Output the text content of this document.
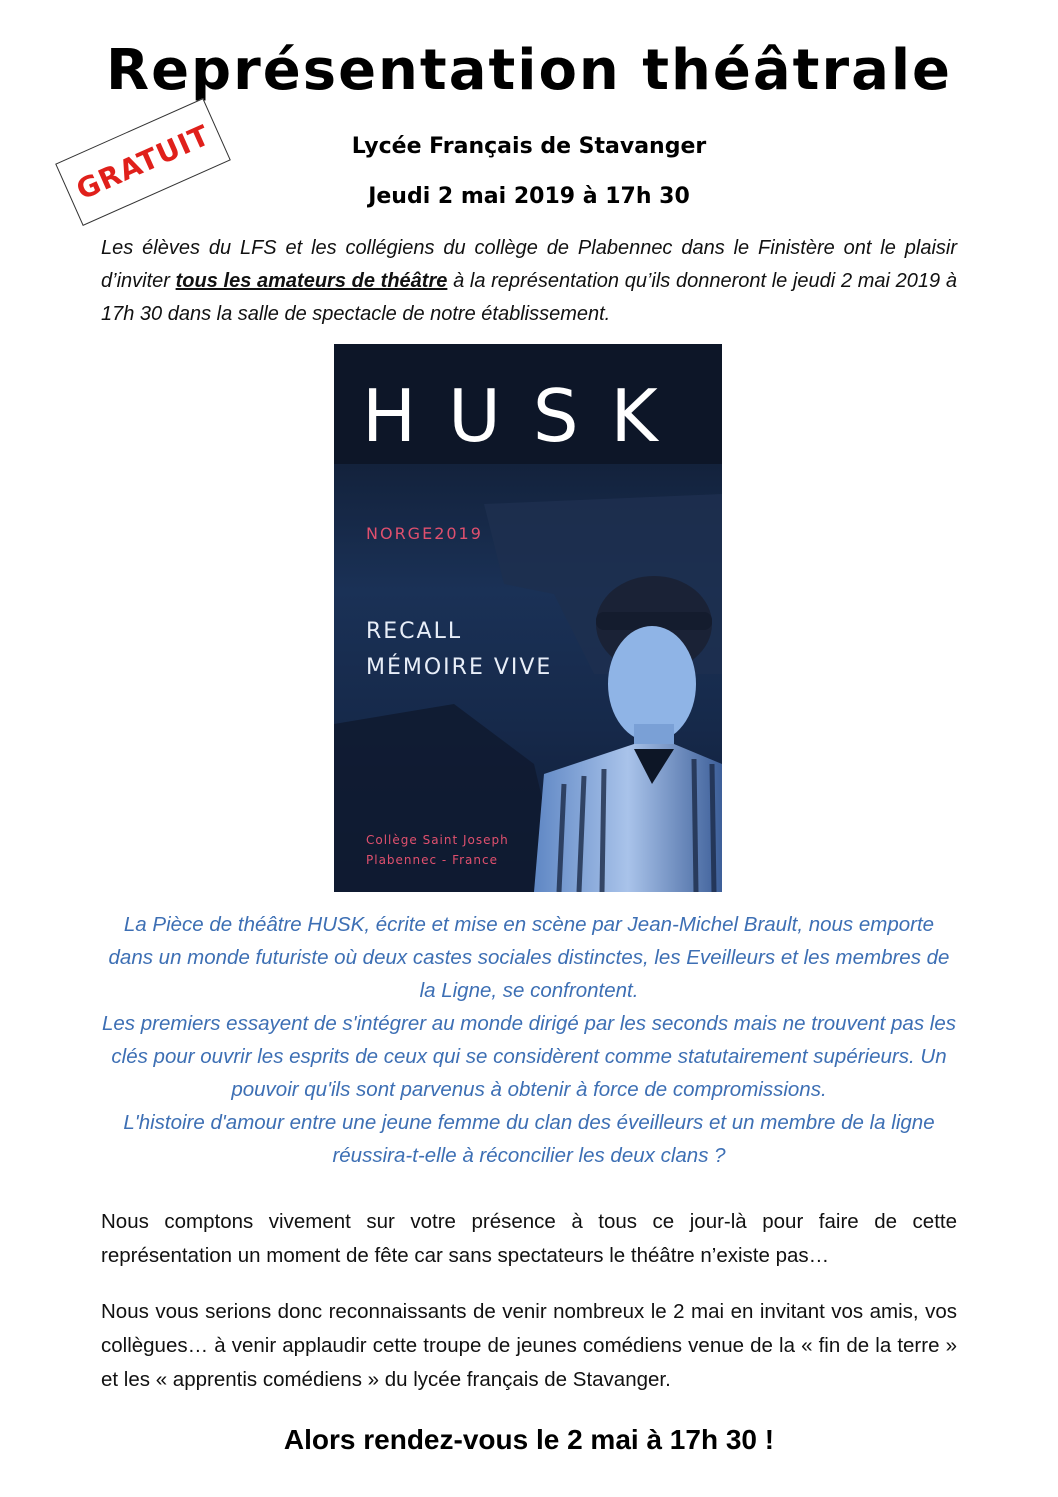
Représentation théâtrale
GRATUIT	Lycée Français de Stavanger
Jeudi 2 mai 2019 à 17h 30
Les élèves du LFS et les collégiens du collège de Plabennec dans le Finistère ont le plaisir d’inviter tous les amateurs de théâtre à la représentation qu’ils donneront le jeudi 2 mai 2019 à 17h 30 dans la salle de spectacle de notre établissement.
HUSK
NORGE2019
RECALL
MÉMOIRE VIVE
Collège Saint Joseph
Plabennec - France
La Pièce de théâtre HUSK, écrite et mise en scène par Jean-Michel Brault, nous emporte dans un monde futuriste où deux castes sociales distinctes, les Eveilleurs et les membres de la Ligne, se confrontent.
Les premiers essayent de s'intégrer au monde dirigé par les seconds mais ne trouvent pas les clés pour ouvrir les esprits de ceux qui se considèrent comme statutairement supérieurs. Un pouvoir qu'ils sont parvenus à obtenir à force de compromissions.
L'histoire d'amour entre une jeune femme du clan des éveilleurs et un membre de la ligne réussira-t-elle à réconcilier les deux clans ?
Nous comptons vivement sur votre présence à tous ce jour-là pour faire de cette représentation un moment de fête car sans spectateurs le théâtre n’existe pas…
Nous vous serions donc reconnaissants de venir nombreux le 2 mai en invitant vos amis, vos collègues… à venir applaudir cette troupe de jeunes comédiens venue de la « fin de la terre » et les « apprentis comédiens » du lycée français de Stavanger.
Alors rendez-vous le 2 mai à 17h 30 !
